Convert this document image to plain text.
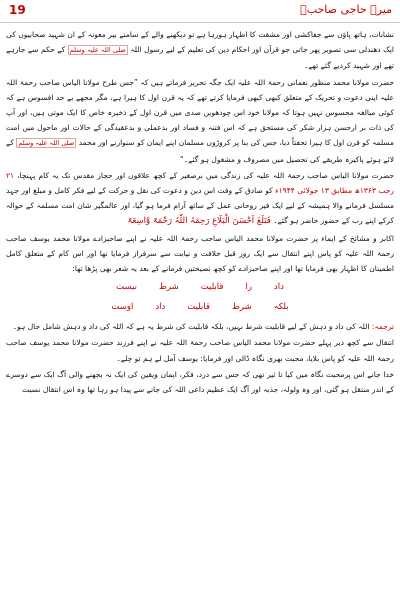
19	میرے حاجی صاحبؒ

نشانات، ہاتھ پاؤں سے جفاکشی اور مشقت کا اظہار ہورہا ہے تو دیکھنے والے کے سامنے بیر معونہ کے ان شہید صحابیوں کی ایک دھندلی سی تصویر پھر جاتی جو قرآن اور احکام دین کی تعلیم کے لیے رسول اللہ صلی اللہ علیہ وسلم کے حکم سے جارہے تھے اور شہید کردیے گئے تھے۔

حضرت مولانا محمد منظور نعمانی رحمۃ اللہ علیہ ایک جگہ تحریر فرماتے ہیں کہ ”جس طرح مولانا الیاس صاحب رحمۃ اللہ علیہ اپنی دعوت و تحریک کے متعلق کبھی کبھی فرمایا کرتے تھے کہ یہ قرن اول کا ہیرا ہے، مگر مجھے بے حد افسوس ہے کہ کوئی مبالغہ محسوس نہیں ہوتا کہ مولانا خود اس چودھویں صدی میں قرن اول کے ذخیرہ خاص کا ایک موتی ہیں، اور آپ کی ذات بر ارحسن ہزار شکر کی مستحق ہے کہ اس فتنہ و فساد اور بدعملی و بدعقیدگی کے حالات اور ماحول میں امت مسلمہ کو قرن اول کا ہیرا تحفتاً دیا، جس کی بنا پر کروڑوں مسلمان اپنے ایمان کو سنوارنے اور محمد صلی اللہ علیہ وسلم کے لائے ہوئے پاکیزہ طریقے کی تحصیل میں مصروف و مشغول ہو گئے۔“

حضرت مولانا الیاس صاحب رحمۃ اللہ علیہ کی زندگی میں برصغیر کے کچھ علاقوں اور حجاز مقدس تک یہ کام پہنچا، ۲۱ رجب ۱۳۶۳ھ مطابق ۱۳ جولائی ۱۹۴۴ء کو صادق کے وقت اس دین و دعوت کی نقل و حرکت کے لیے فکر کامل و مبلغ اور جہد مسلسل فرمانے والا ہمیشہ کے لیے ایک فیر روحانی عمل کے ساتھ آرام فرما ہو گیا، اور عالمگیر شان امت مسلمہ کے حوالہ کرکے اپنے رب کے حضور حاضر ہو گئے۔ فَبَلَغَ اَحْسَنَ الْبَلَاغِ رَحِمَہُ اللّٰہُ رَحْمَۃً وَّاسِعَۃً

اکابر و مشائخ کے ایماء پر حضرت مولانا محمد الیاس صاحب رحمۃ اللہ علیہ نے اپنے صاحبزادے مولانا محمد یوسف صاحب رحمۃ اللہ علیہ کو پاس اپنے انتقال سے ایک روز قبل خلافت و نیابت سے سرفراز فرمایا تھا اور اس کام کے متعلق کامل اطمینان کا اظہار بھی فرمایا تھا اور اپنے صاحبزادے کو کچھ نصیحتیں فرمانے کے بعد یہ شعر بھی پڑھا تھا:

داد
را
قابلیت
شرط
نیست
بلکہ
شرط
قابلیت
داد
اوست

ترجمہ: اللہ کی داد و دہش کے لیے قابلیت شرط نہیں، بلکہ قابلیت کی شرط یہ ہے کہ اللہ کی داد و دہش شامل حال ہو۔

انتقال سے کچھ دیر پہلے حضرت مولانا محمد الیاس صاحب رحمۃ اللہ علیہ نے اپنے فرزند حضرت مولانا محمد یوسف صاحب رحمۃ اللہ علیہ کو پاس بلایا، محبت بھری نگاہ ڈالی اور فرمایا: یوسف آمل لے ہم تو چلے۔

خدا جانے اس پرمحبت نگاہ میں کیا تا ثیر تھی کہ جس سے درد، فکر، ایمان ویقین کی ایک نہ بجھنے والی آگ ایک سے دوسرے کے اندر منتقل ہو گئی، اور وہ ولولہ، جذبہ اور آگ ایک عظیم داعی اللہ کی جانے سے پیدا ہو رہا تھا وہ اس انتقال نسبت
